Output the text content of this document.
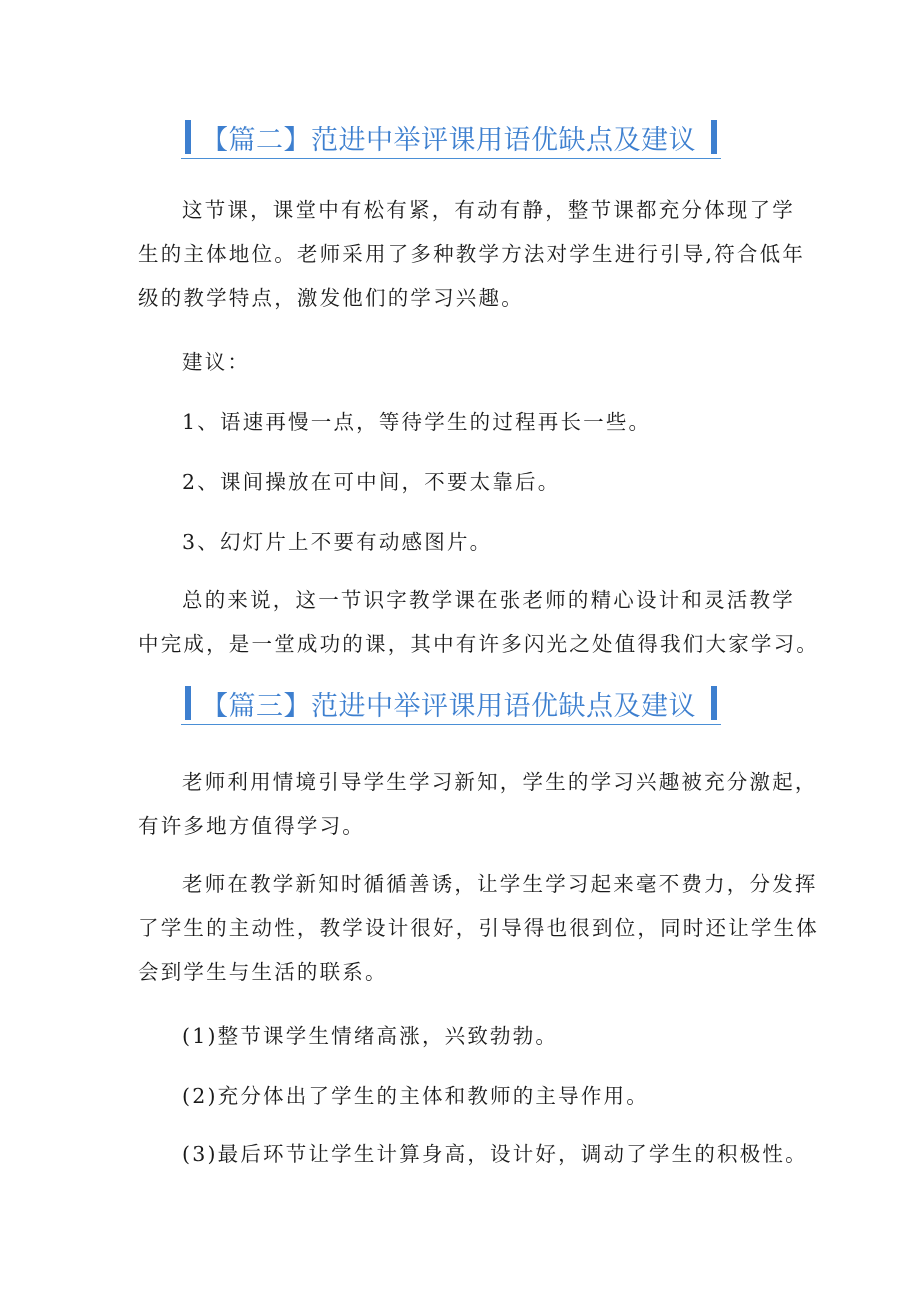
【篇二】范进中举评课用语优缺点及建议
这节课，课堂中有松有紧，有动有静，整节课都充分体现了学
生的主体地位。老师采用了多种教学方法对学生进行引导,符合低年
级的教学特点，激发他们的学习兴趣。
建议：
1、语速再慢一点，等待学生的过程再长一些。
2、课间操放在可中间，不要太靠后。
3、幻灯片上不要有动感图片。
总的来说，这一节识字教学课在张老师的精心设计和灵活教学
中完成，是一堂成功的课，其中有许多闪光之处值得我们大家学习。
【篇三】范进中举评课用语优缺点及建议
老师利用情境引导学生学习新知，学生的学习兴趣被充分激起，
有许多地方值得学习。
老师在教学新知时循循善诱，让学生学习起来毫不费力，分发挥
了学生的主动性，教学设计很好，引导得也很到位，同时还让学生体
会到学生与生活的联系。
(1)整节课学生情绪高涨，兴致勃勃。
(2)充分体出了学生的主体和教师的主导作用。
(3)最后环节让学生计算身高，设计好，调动了学生的积极性。
